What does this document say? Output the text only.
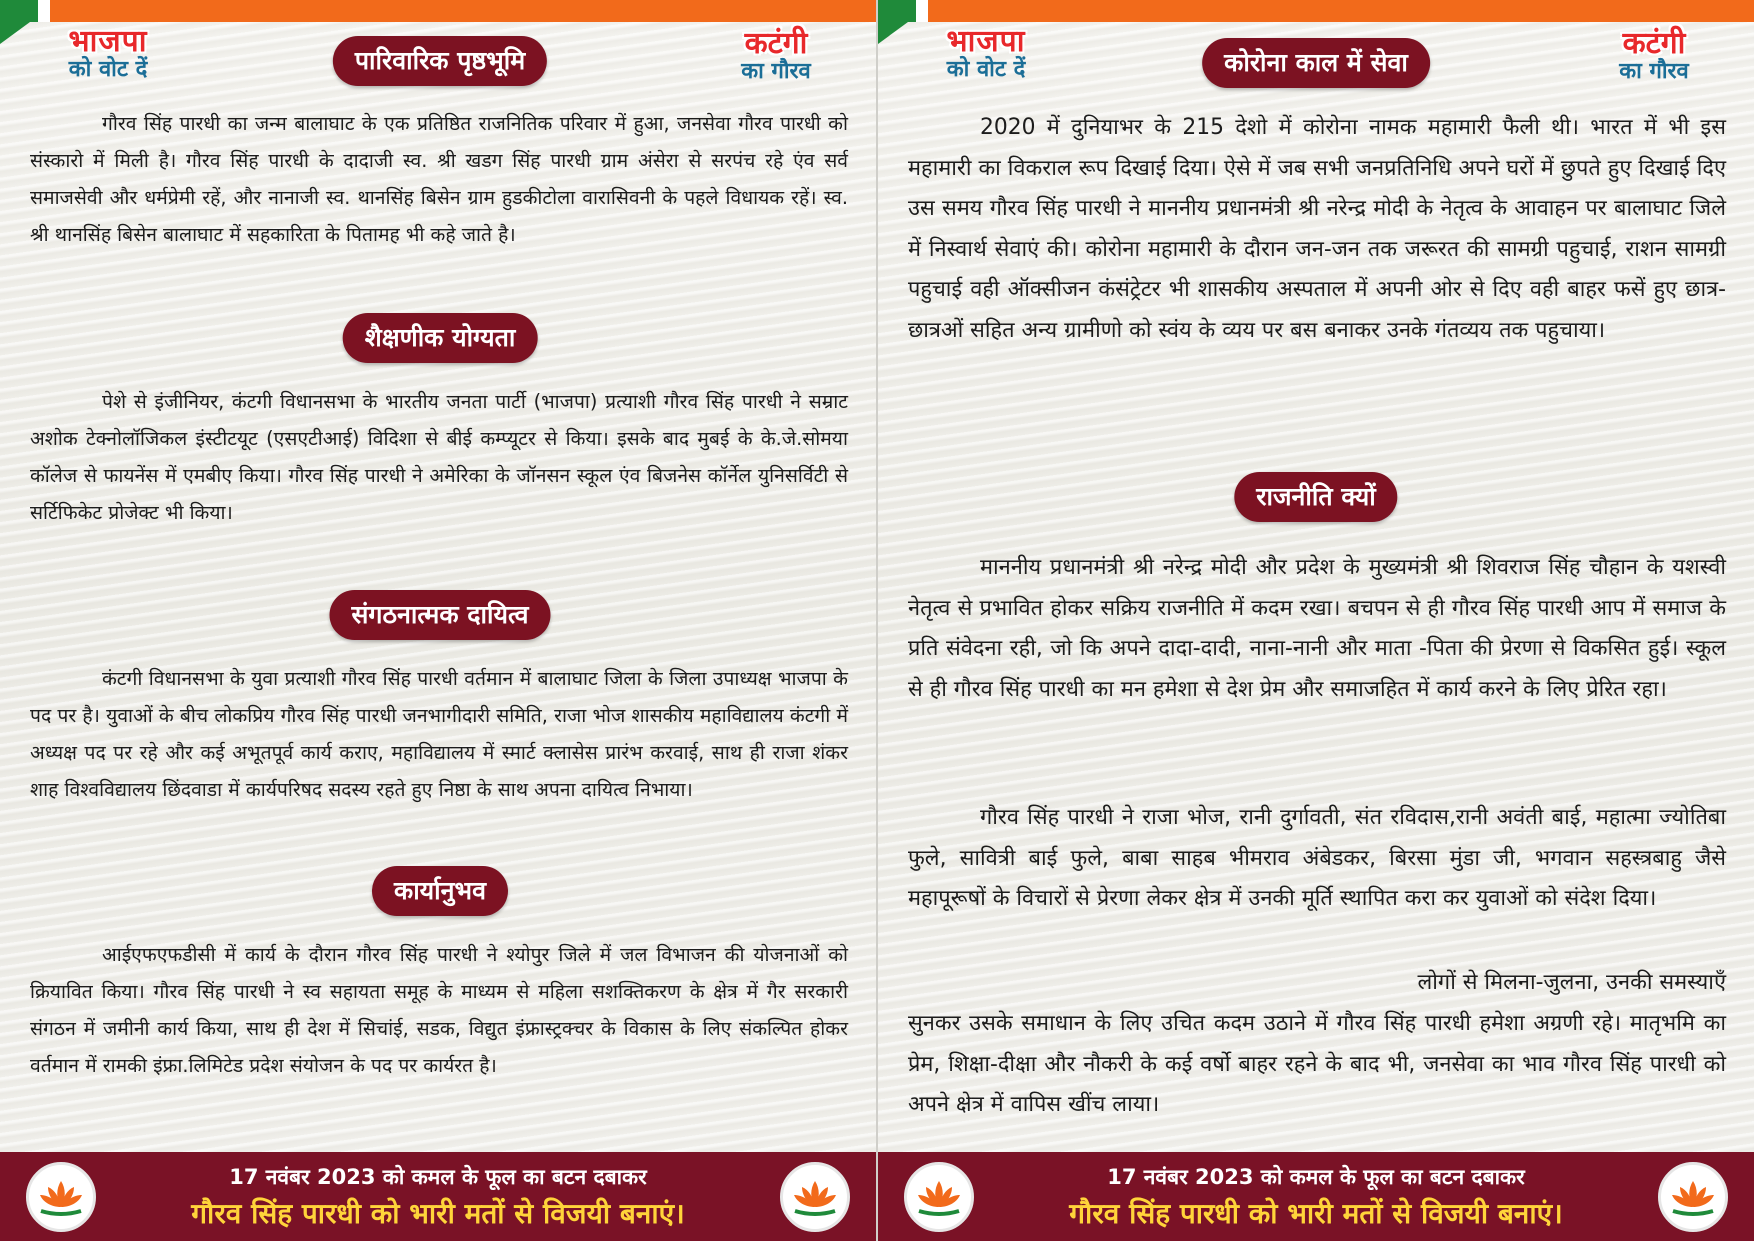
भाजपा
को वोट दें
कटंगी
का गौरव
पारिवारिक पृष्ठभूमि

गौरव सिंह पारधी का जन्म बालाघाट के एक प्रतिष्ठित राजनितिक परिवार में हुआ, जनसेवा गौरव पारधी को संस्कारो में मिली है। गौरव सिंह पारधी के दादाजी स्व. श्री खडग सिंह पारधी ग्राम अंसेरा से सरपंच रहे एंव सर्व समाजसेवी और धर्मप्रेमी रहें, और नानाजी स्व. थानसिंह बिसेन ग्राम हुडकीटोला वारासिवनी के पहले विधायक रहें। स्व. श्री थानसिंह बिसेन बालाघाट में सहकारिता के पितामह भी कहे जाते है।

शैक्षणीक योग्यता

पेशे से इंजीनियर, कंटगी विधानसभा के भारतीय जनता पार्टी (भाजपा) प्रत्याशी गौरव सिंह पारधी ने सम्राट अशोक टेक्नोलॉजिकल इंस्टीटयूट (एसएटीआई) विदिशा से बीई कम्प्यूटर से किया। इसके बाद मुबई के के.जे.सोमया कॉलेज से फायनेंस में एमबीए किया। गौरव सिंह पारधी ने अमेरिका के जॉनसन स्कूल एंव बिजनेस कॉर्नेल युनिसर्विटी से सर्टिफिकेट प्रोजेक्ट भी किया।

संगठनात्मक दायित्व

कंटगी विधानसभा के युवा प्रत्याशी गौरव सिंह पारधी वर्तमान में बालाघाट जिला के जिला उपाध्यक्ष भाजपा के पद पर है। युवाओं के बीच लोकप्रिय गौरव सिंह पारधी जनभागीदारी समिति, राजा भोज शासकीय महाविद्यालय कंटगी में अध्यक्ष पद पर रहे और कई अभूतपूर्व कार्य कराए, महाविद्यालय में स्मार्ट क्लासेस प्रारंभ करवाई, साथ ही राजा शंकर शाह विश्वविद्यालय छिंदवाडा में कार्यपरिषद सदस्य रहते हुए निष्ठा के साथ अपना दायित्व निभाया।

कार्यानुभव

आईएफएफडीसी में कार्य के दौरान गौरव सिंह पारधी ने श्योपुर जिले में जल विभाजन की योजनाओं को क्रियावित किया। गौरव सिंह पारधी ने स्व सहायता समूह के माध्यम से महिला सशक्तिकरण के क्षेत्र में गैर सरकारी संगठन में जमीनी कार्य किया, साथ ही देश में सिचांई, सडक, विद्युत इंफ्रास्ट्रक्चर के विकास के लिए संकल्पित होकर वर्तमान में रामकी इंफ्रा.लिमिटेड प्रदेश संयोजन के पद पर कार्यरत है।

17 नवंबर 2023 को कमल के फूल का बटन दबाकर
गौरव सिंह पारधी को भारी मतों से विजयी बनाएं।
भाजपा
को वोट दें
कटंगी
का गौरव
कोरोना काल में सेवा

2020 में दुनियाभर के 215 देशो में कोरोना नामक महामारी फैली थी। भारत में भी इस महामारी का विकराल रूप दिखाई दिया। ऐसे में जब सभी जनप्रतिनिधि अपने घरों में छुपते हुए दिखाई दिए उस समय गौरव सिंह पारधी ने माननीय प्रधानमंत्री श्री नरेन्द्र मोदी के नेतृत्व के आवाहन पर बालाघाट जिले में निस्वार्थ सेवाएं की। कोरोना महामारी के दौरान जन-जन तक जरूरत की सामग्री पहुचाई, राशन सामग्री पहुचाई वही ऑक्सीजन कंसंट्रेटर भी शासकीय अस्पताल में अपनी ओर से दिए वही बाहर फसें हुए छात्र-छात्रओं सहित अन्य ग्रामीणो को स्वंय के व्यय पर बस बनाकर उनके गंतव्यय तक पहुचाया।

राजनीति क्यों

माननीय प्रधानमंत्री श्री नरेन्द्र मोदी और प्रदेश के मुख्यमंत्री श्री शिवराज सिंह चौहान के यशस्वी नेतृत्व से प्रभावित होकर सक्रिय राजनीति में कदम रखा। बचपन से ही गौरव सिंह पारधी आप में समाज के प्रति संवेदना रही, जो कि अपने दादा-दादी, नाना-नानी और माता -पिता की प्रेरणा से विकसित हुई। स्कूल से ही गौरव सिंह पारधी का मन हमेशा से देश प्रेम और समाजहित में कार्य करने के लिए प्रेरित रहा।

गौरव सिंह पारधी ने राजा भोज, रानी दुर्गावती, संत रविदास,रानी अवंती बाई, महात्मा ज्योतिबा फुले, सावित्री बाई फुले, बाबा साहब भीमराव अंबेडकर, बिरसा मुंडा जी, भगवान सहस्त्रबाहु जैसे महापूरूषों के विचारों से प्रेरणा लेकर क्षेत्र में उनकी मूर्ति स्थापित करा कर युवाओं को संदेश दिया।

लोगों से मिलना-जुलना, उनकी समस्याएँ

सुनकर उसके समाधान के लिए उचित कदम उठाने में गौरव सिंह पारधी हमेशा अग्रणी रहे। मातृभमि का प्रेम, शिक्षा-दीक्षा और नौकरी के कई वर्षो बाहर रहने के बाद भी, जनसेवा का भाव गौरव सिंह पारधी को अपने क्षेत्र में वापिस खींच लाया।

17 नवंबर 2023 को कमल के फूल का बटन दबाकर
गौरव सिंह पारधी को भारी मतों से विजयी बनाएं।
